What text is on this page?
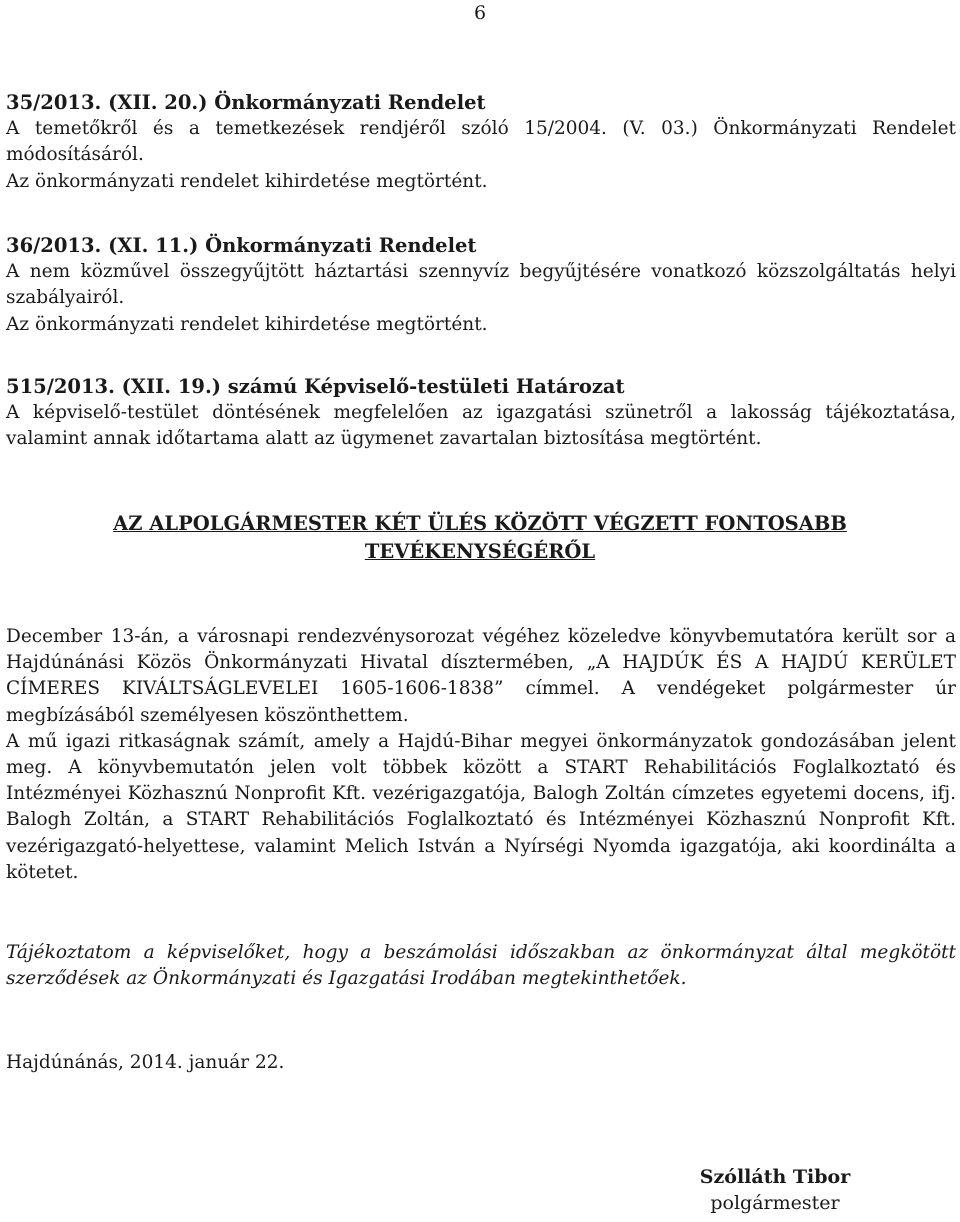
6

35/2013. (XII. 20.) Önkormányzati Rendelet

A temetőkről és a temetkezések rendjéről szóló 15/2004. (V. 03.) Önkormányzati Rendelet módosításáról.

Az önkormányzati rendelet kihirdetése megtörtént.

36/2013. (XI. 11.) Önkormányzati Rendelet

A nem közművel összegyűjtött háztartási szennyvíz begyűjtésére vonatkozó közszolgáltatás helyi szabályairól.

Az önkormányzati rendelet kihirdetése megtörtént.

515/2013. (XII. 19.) számú Képviselő-testületi Határozat

A képviselő-testület döntésének megfelelően az igazgatási szünetről a lakosság tájékoztatása, valamint annak időtartama alatt az ügymenet zavartalan biztosítása megtörtént.

AZ ALPOLGÁRMESTER KÉT ÜLÉS KÖZÖTT VÉGZETT FONTOSABB
TEVÉKENYSÉGÉRŐL

December 13-án, a városnapi rendezvénysorozat végéhez közeledve könyvbemutatóra került sor a Hajdúnánási Közös Önkormányzati Hivatal dísztermében, „A HAJDÚK ÉS A HAJDÚ KERÜLET CÍMERES KIVÁLTSÁGLEVELEI 1605-1606-1838” címmel. A vendégeket polgármester úr megbízásából személyesen köszönthettem.

A mű igazi ritkaságnak számít, amely a Hajdú-Bihar megyei önkormányzatok gondozásában jelent meg. A könyvbemutatón jelen volt többek között a START Rehabilitációs Foglalkoztató és Intézményei Közhasznú Nonprofit Kft. vezérigazgatója, Balogh Zoltán címzetes egyetemi docens, ifj. Balogh Zoltán, a START Rehabilitációs Foglalkoztató és Intézményei Közhasznú Nonprofit Kft. vezérigazgató-helyettese, valamint Melich István a Nyírségi Nyomda igazgatója, aki koordinálta a kötetet.

Tájékoztatom a képviselőket, hogy a beszámolási időszakban az önkormányzat által megkötött szerződések az Önkormányzati és Igazgatási Irodában megtekinthetőek.

Hajdúnánás, 2014. január 22.

Szólláth Tibor
polgármester
